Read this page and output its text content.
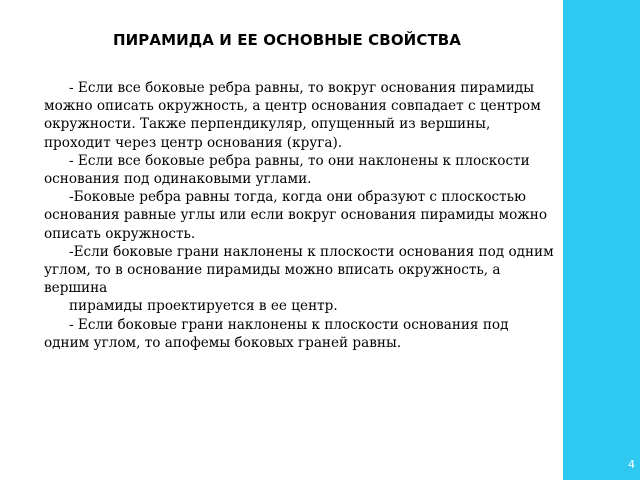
ПИРАМИДА И ЕЕ ОСНОВНЫЕ СВОЙСТВА

- Если все боковые ребра равны, то вокруг основания пирамиды можно описать окружность, а центр основания совпадает с центром окружности. Также перпендикуляр, опущенный из вершины, проходит через центр основания (круга).

- Если все боковые ребра равны, то они наклонены к плоскости основания под одинаковыми углами.

-Боковые ребра равны тогда, когда они образуют с плоскостью основания равные углы или если вокруг основания пирамиды можно описать окружность.

-Если боковые грани наклонены к плоскости основания под одним углом, то в основание пирамиды можно вписать окружность, а вершина

пирамиды проектируется в ее центр.

- Если боковые грани наклонены к плоскости основания под одним углом, то апофемы боковых граней равны.

4
